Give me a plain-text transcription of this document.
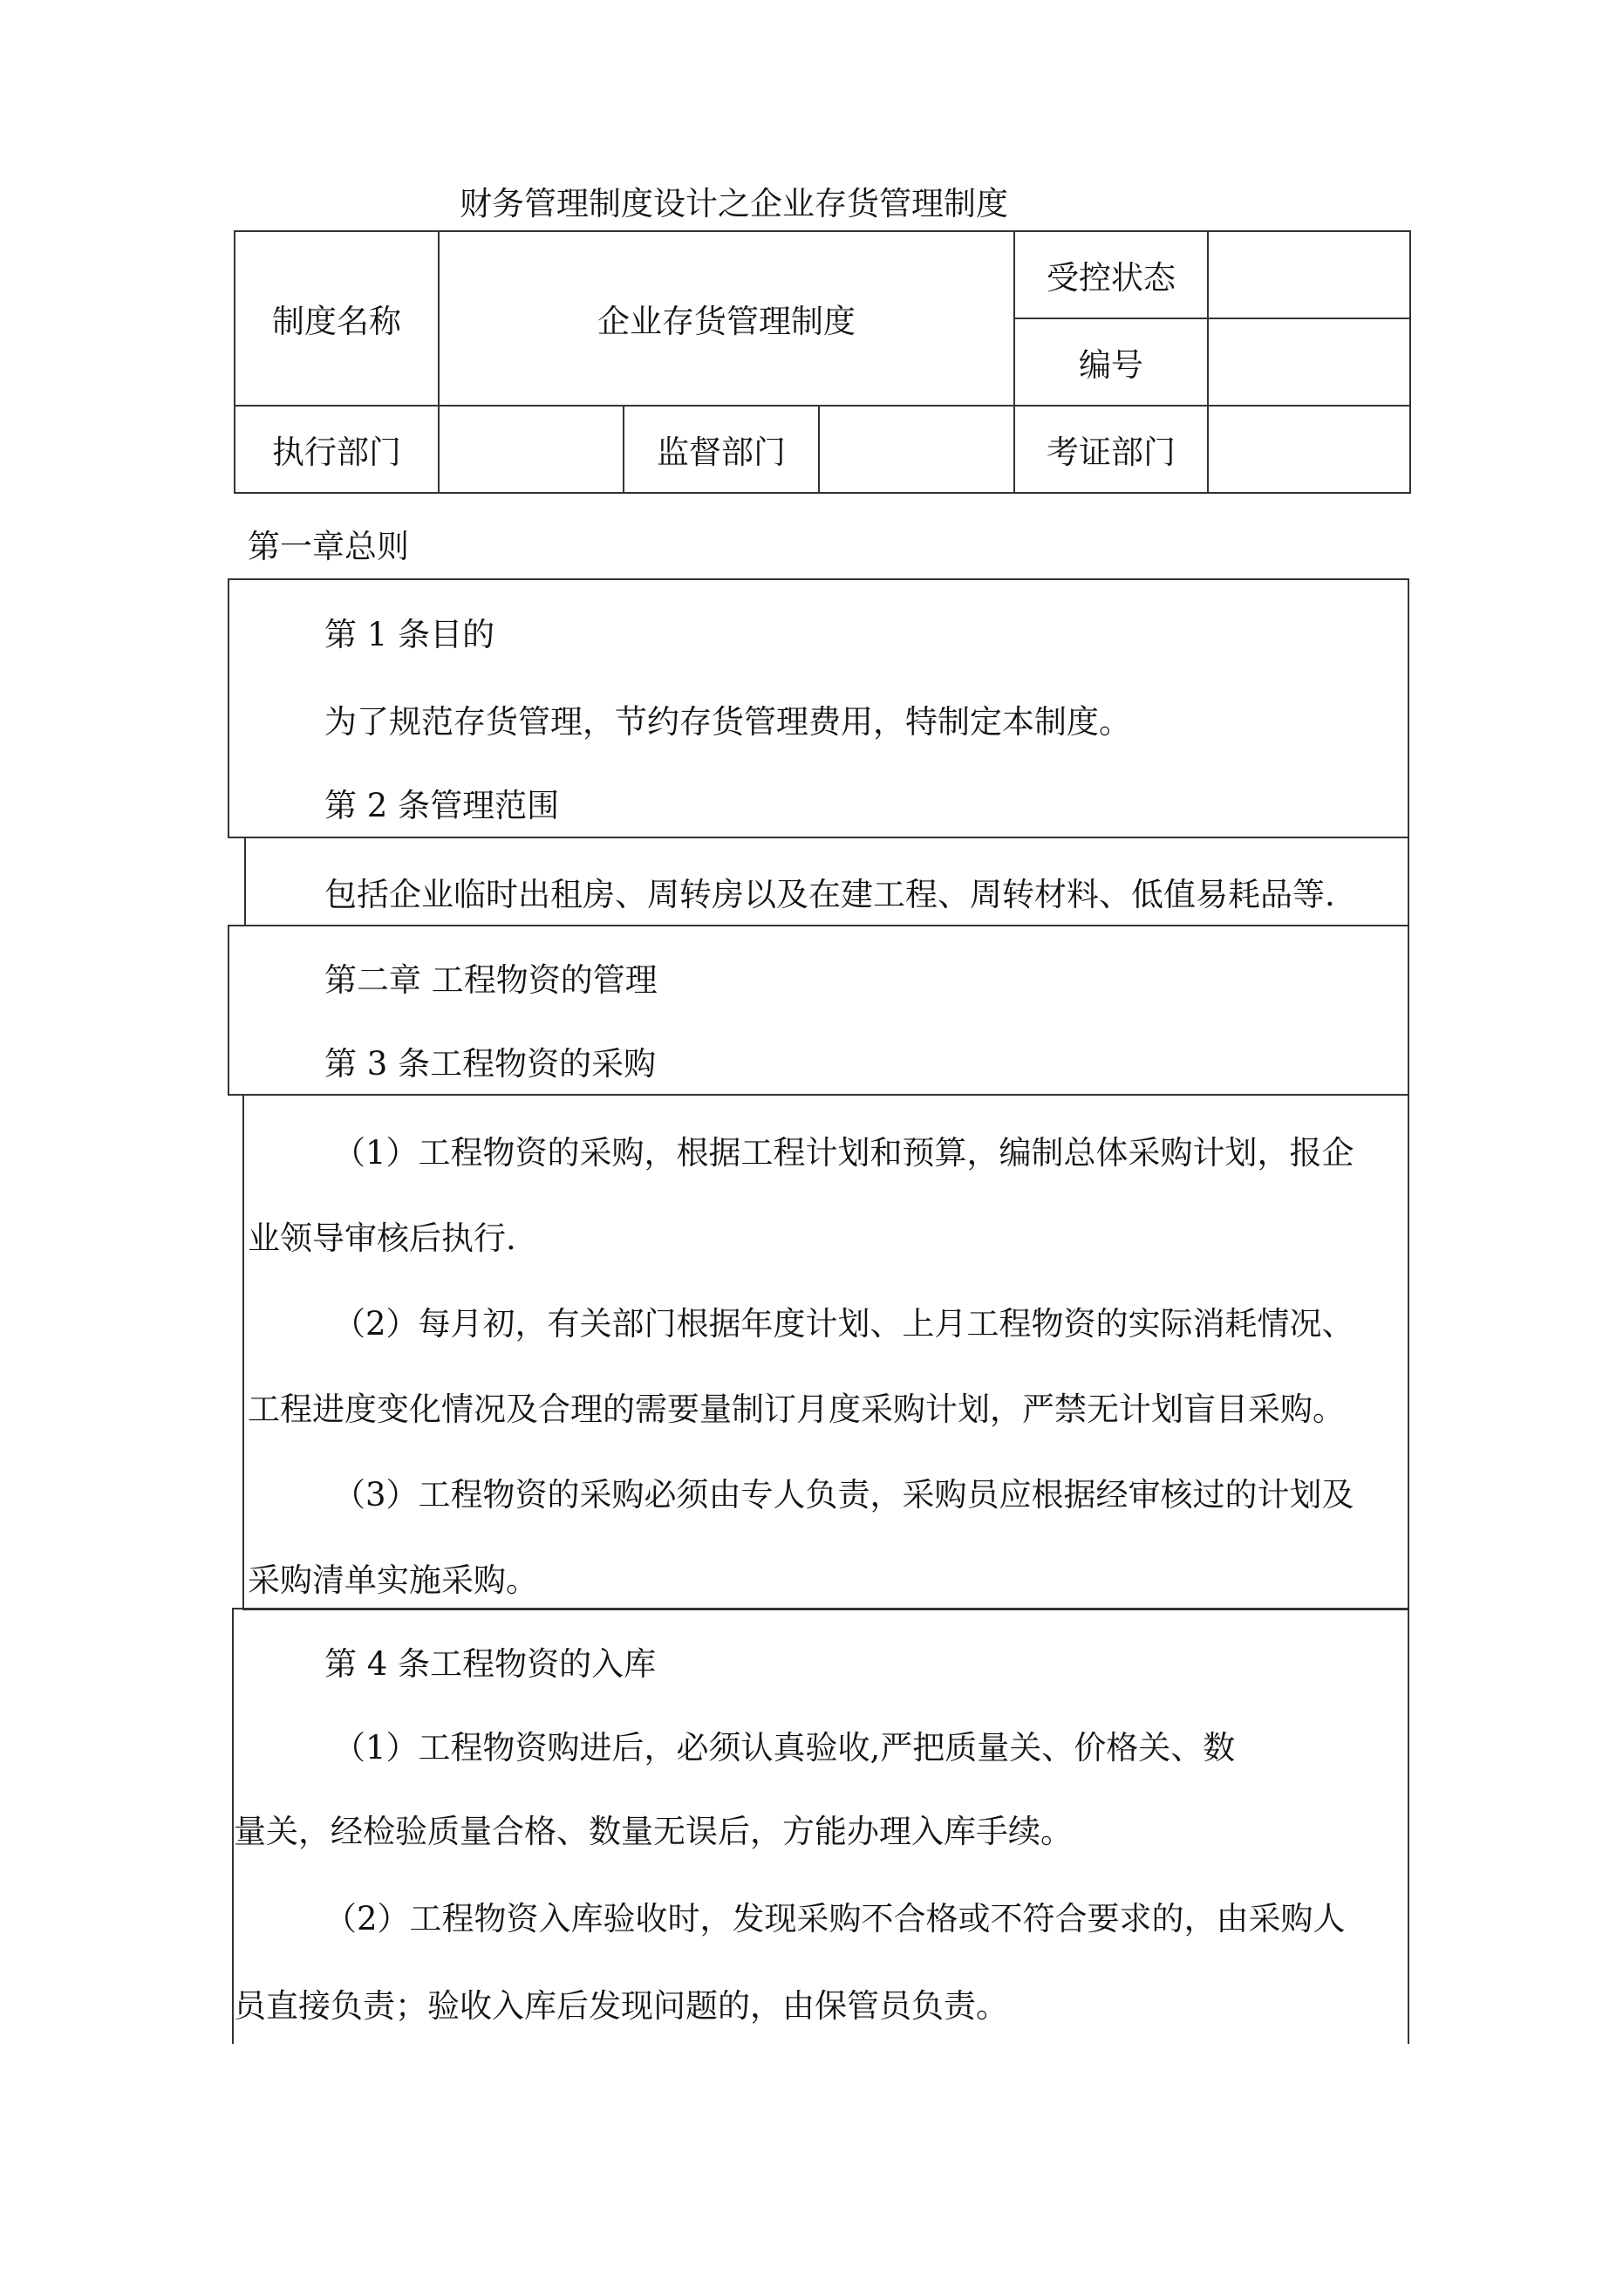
财务管理制度设计之企业存货管理制度
制度名称	企业存货管理制度			受控状态	
				编号	
执行部门		监督部门		考证部门	
第一章总则
第 1 条目的
为了规范存货管理，节约存货管理费用，特制定本制度。
第 2 条管理范围
包括企业临时出租房、周转房以及在建工程、周转材料、低值易耗品等.
第二章 工程物资的管理
第 3 条工程物资的采购
（1）工程物资的采购，根据工程计划和预算，编制总体采购计划，报企
业领导审核后执行.
（2）每月初，有关部门根据年度计划、上月工程物资的实际消耗情况、
工程进度变化情况及合理的需要量制订月度采购计划，严禁无计划盲目采购。
（3）工程物资的采购必须由专人负责，采购员应根据经审核过的计划及
采购清单实施采购。
第 4 条工程物资的入库
（1）工程物资购进后，必须认真验收,严把质量关、价格关、数
量关，经检验质量合格、数量无误后，方能办理入库手续。
（2）工程物资入库验收时，发现采购不合格或不符合要求的，由采购人
员直接负责；验收入库后发现问题的，由保管员负责。
